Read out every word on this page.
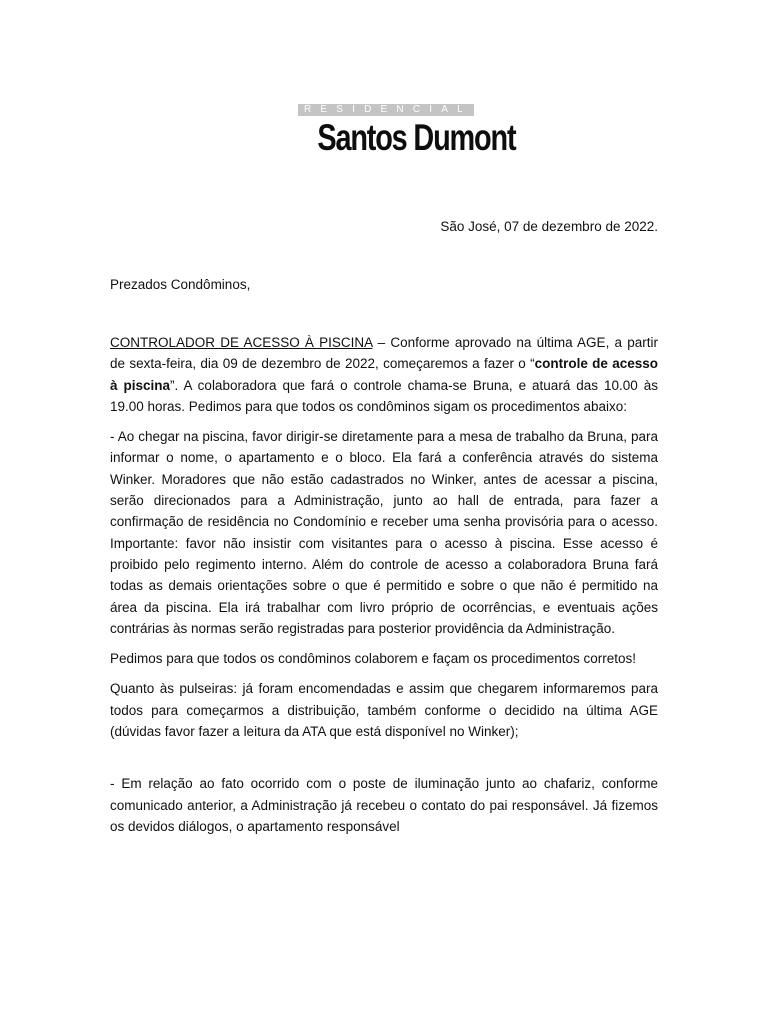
RESIDENCIAL
Santos Dumont
São José, 07 de dezembro de 2022.
Prezados Condôminos,

CONTROLADOR DE ACESSO À PISCINA – Conforme aprovado na última AGE, a partir de sexta-feira, dia 09 de dezembro de 2022, começaremos a fazer o “controle de acesso à piscina”. A colaboradora que fará o controle chama-se Bruna, e atuará das 10.00 às 19.00 horas. Pedimos para que todos os condôminos sigam os procedimentos abaixo:

- Ao chegar na piscina, favor dirigir-se diretamente para a mesa de trabalho da Bruna, para informar o nome, o apartamento e o bloco. Ela fará a conferência através do sistema Winker. Moradores que não estão cadastrados no Winker, antes de acessar a piscina, serão direcionados para a Administração, junto ao hall de entrada, para fazer a confirmação de residência no Condomínio e receber uma senha provisória para o acesso. Importante: favor não insistir com visitantes para o acesso à piscina. Esse acesso é proibido pelo regimento interno. Além do controle de acesso a colaboradora Bruna fará todas as demais orientações sobre o que é permitido e sobre o que não é permitido na área da piscina. Ela irá trabalhar com livro próprio de ocorrências, e eventuais ações contrárias às normas serão registradas para posterior providência da Administração.

Pedimos para que todos os condôminos colaborem e façam os procedimentos corretos!

Quanto às pulseiras: já foram encomendadas e assim que chegarem informaremos para todos para começarmos a distribuição, também conforme o decidido na última AGE (dúvidas favor fazer a leitura da ATA que está disponível no Winker);

- Em relação ao fato ocorrido com o poste de iluminação junto ao chafariz, conforme comunicado anterior, a Administração já recebeu o contato do pai responsável. Já fizemos os devidos diálogos, o apartamento responsável
